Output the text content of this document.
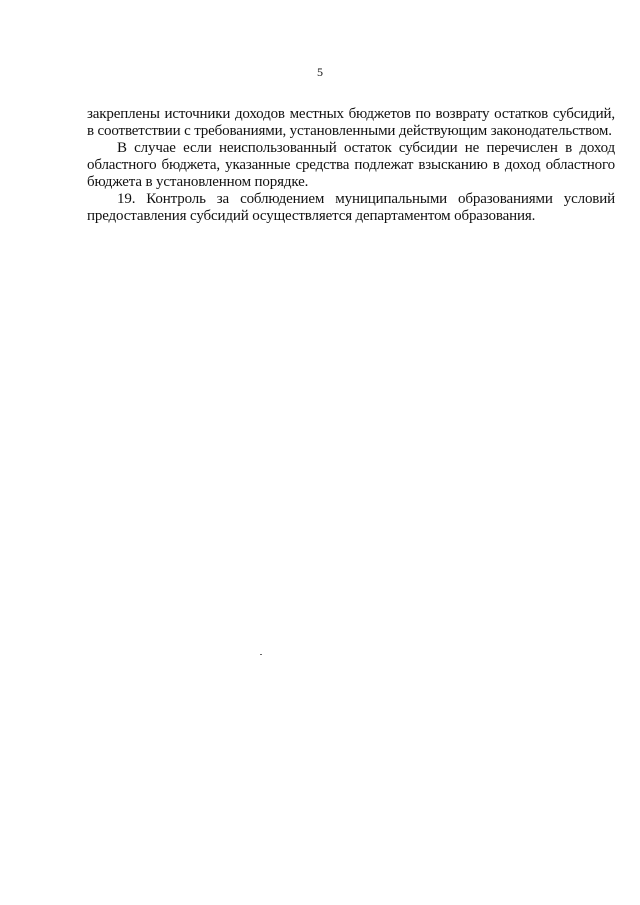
5

закреплены источники доходов местных бюджетов по возврату остатков субсидий, в соответствии с требованиями, установленными действующим законодательством.

В случае если неиспользованный остаток субсидии не перечислен в доход областного бюджета, указанные средства подлежат взысканию в доход областного бюджета в установленном порядке.

19. Контроль за соблюдением муниципальными образованиями условий предоставления субсидий осуществляется департаментом образования.
